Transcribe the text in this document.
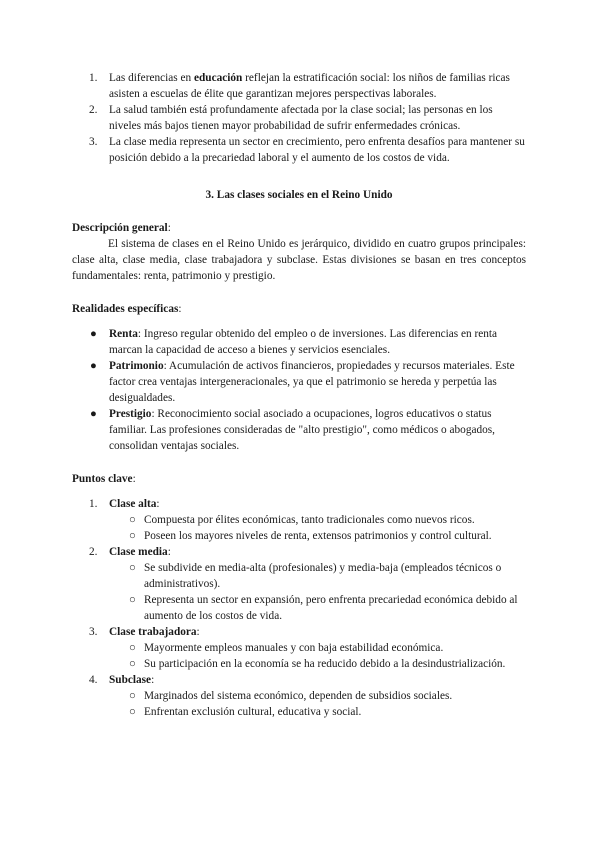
1. Las diferencias en educación reflejan la estratificación social: los niños de familias ricas asisten a escuelas de élite que garantizan mejores perspectivas laborales.
2. La salud también está profundamente afectada por la clase social; las personas en los niveles más bajos tienen mayor probabilidad de sufrir enfermedades crónicas.
3. La clase media representa un sector en crecimiento, pero enfrenta desafíos para mantener su posición debido a la precariedad laboral y el aumento de los costos de vida.
3. Las clases sociales en el Reino Unido
Descripción general:
El sistema de clases en el Reino Unido es jerárquico, dividido en cuatro grupos principales: clase alta, clase media, clase trabajadora y subclase. Estas divisiones se basan en tres conceptos fundamentales: renta, patrimonio y prestigio.
Realidades específicas:
● Renta: Ingreso regular obtenido del empleo o de inversiones. Las diferencias en renta marcan la capacidad de acceso a bienes y servicios esenciales.
● Patrimonio: Acumulación de activos financieros, propiedades y recursos materiales. Este factor crea ventajas intergeneracionales, ya que el patrimonio se hereda y perpetúa las desigualdades.
● Prestigio: Reconocimiento social asociado a ocupaciones, logros educativos o status familiar. Las profesiones consideradas de "alto prestigio", como médicos o abogados, consolidan ventajas sociales.
Puntos clave:
1. Clase alta:
○ Compuesta por élites económicas, tanto tradicionales como nuevos ricos.
○ Poseen los mayores niveles de renta, extensos patrimonios y control cultural.
2. Clase media:
○ Se subdivide en media-alta (profesionales) y media-baja (empleados técnicos o administrativos).
○ Representa un sector en expansión, pero enfrenta precariedad económica debido al aumento de los costos de vida.
3. Clase trabajadora:
○ Mayormente empleos manuales y con baja estabilidad económica.
○ Su participación en la economía se ha reducido debido a la desindustrialización.
4. Subclase:
○ Marginados del sistema económico, dependen de subsidios sociales.
○ Enfrentan exclusión cultural, educativa y social.
